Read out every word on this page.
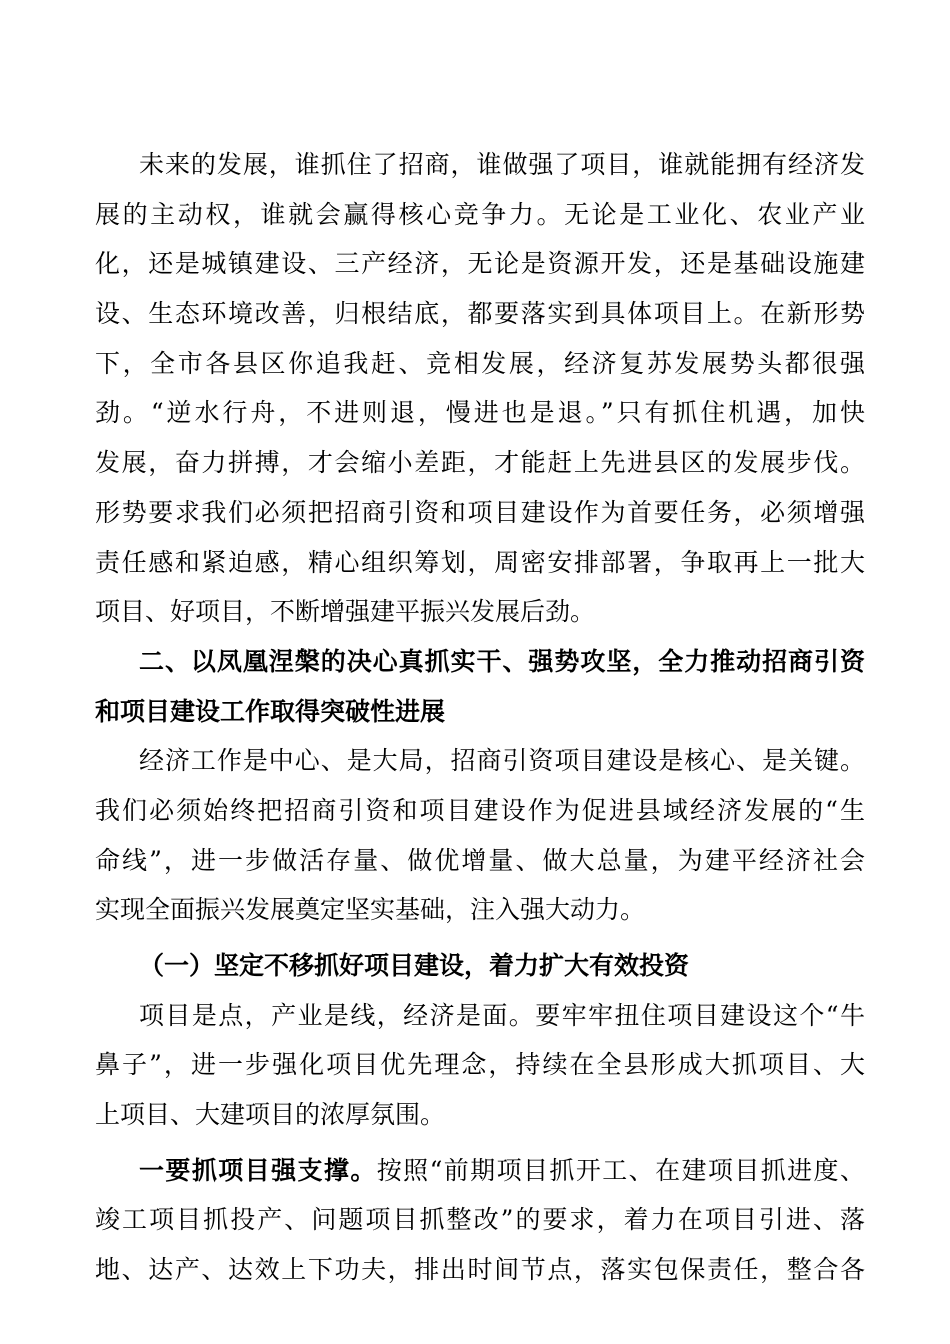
未来的发展，谁抓住了招商，谁做强了项目，谁就能拥有经济发
展的主动权，谁就会赢得核心竞争力。无论是工业化、农业产业
化，还是城镇建设、三产经济，无论是资源开发，还是基础设施建
设、生态环境改善，归根结底，都要落实到具体项目上。在新形势
下，全市各县区你追我赶、竞相发展，经济复苏发展势头都很强
劲。“逆水行舟，不进则退，慢进也是退。”只有抓住机遇，加快
发展，奋力拼搏，才会缩小差距，才能赶上先进县区的发展步伐。
形势要求我们必须把招商引资和项目建设作为首要任务，必须增强
责任感和紧迫感，精心组织筹划，周密安排部署，争取再上一批大
项目、好项目，不断增强建平振兴发展后劲。
二、以凤凰涅槃的决心真抓实干、强势攻坚，全力推动招商引资
和项目建设工作取得突破性进展
经济工作是中心、是大局，招商引资项目建设是核心、是关键。
我们必须始终把招商引资和项目建设作为促进县域经济发展的“生
命线”，进一步做活存量、做优增量、做大总量，为建平经济社会
实现全面振兴发展奠定坚实基础，注入强大动力。
（一）坚定不移抓好项目建设，着力扩大有效投资
项目是点，产业是线，经济是面。要牢牢扭住项目建设这个“牛
鼻子”，进一步强化项目优先理念，持续在全县形成大抓项目、大
上项目、大建项目的浓厚氛围。
一要抓项目强支撑。按照“前期项目抓开工、在建项目抓进度、
竣工项目抓投产、问题项目抓整改”的要求，着力在项目引进、落
地、达产、达效上下功夫，排出时间节点，落实包保责任，整合各
